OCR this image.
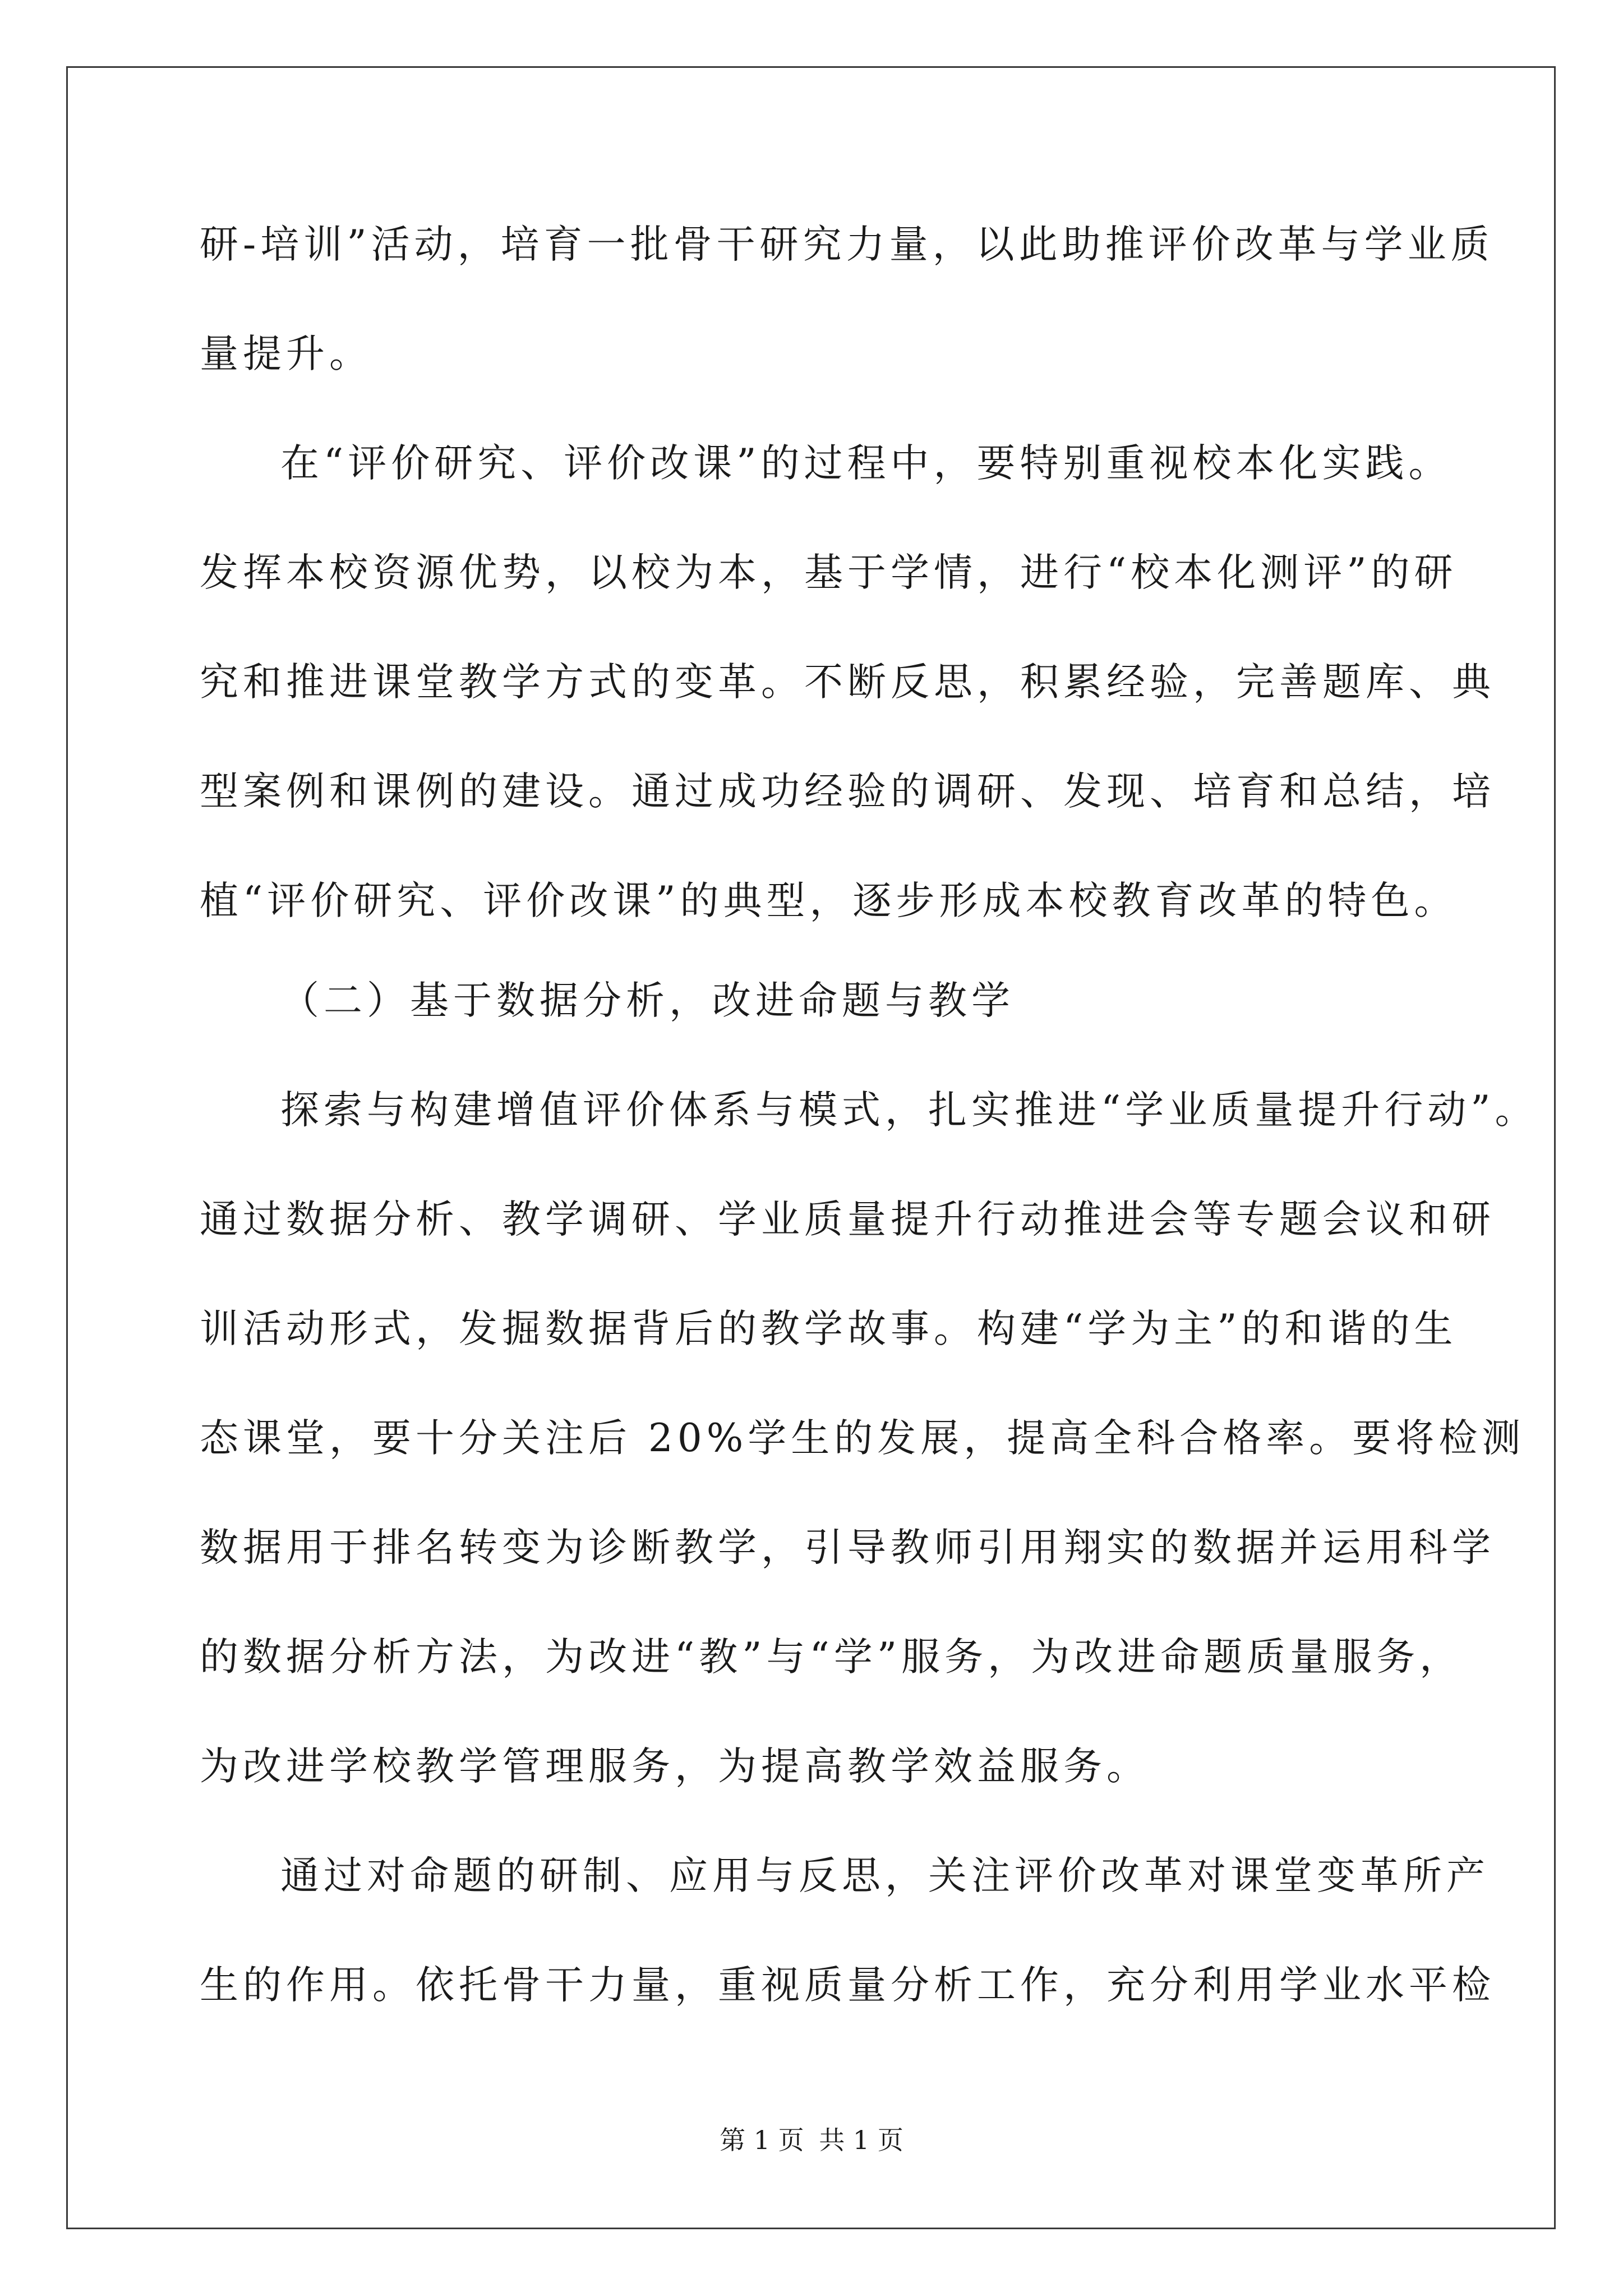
研-培训”活动，培育一批骨干研究力量，以此助推评价改革与学业质
量提升。
在“评价研究、评价改课”的过程中，要特别重视校本化实践。
发挥本校资源优势，以校为本，基于学情，进行“校本化测评”的研
究和推进课堂教学方式的变革。不断反思，积累经验，完善题库、典
型案例和课例的建设。通过成功经验的调研、发现、培育和总结，培
植“评价研究、评价改课”的典型，逐步形成本校教育改革的特色。
（二）基于数据分析，改进命题与教学
探索与构建增值评价体系与模式，扎实推进“学业质量提升行动”。
通过数据分析、教学调研、学业质量提升行动推进会等专题会议和研
训活动形式，发掘数据背后的教学故事。构建“学为主”的和谐的生
态课堂，要十分关注后 20%学生的发展，提高全科合格率。要将检测
数据用于排名转变为诊断教学，引导教师引用翔实的数据并运用科学
的数据分析方法，为改进“教”与“学”服务，为改进命题质量服务，
为改进学校教学管理服务，为提高教学效益服务。
通过对命题的研制、应用与反思，关注评价改革对课堂变革所产
生的作用。依托骨干力量，重视质量分析工作，充分利用学业水平检
第 1 页 共 1 页
